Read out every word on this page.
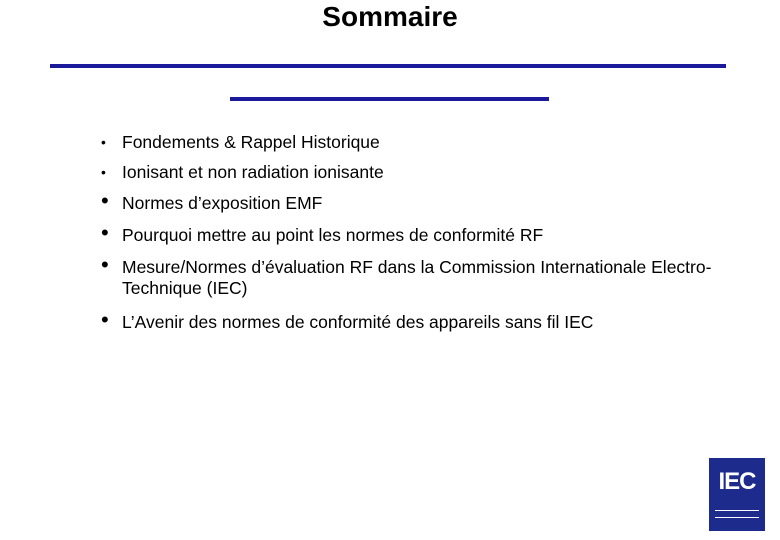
Sommaire
• Fondements & Rappel Historique
• Ionisant et non radiation ionisante
• Normes d’exposition EMF
• Pourquoi mettre au point les normes de conformité RF
• Mesure/Normes d’évaluation RF dans la Commission Internationale Electro-Technique (IEC)
• L’Avenir des normes de conformité des appareils sans fil IEC
IEC
